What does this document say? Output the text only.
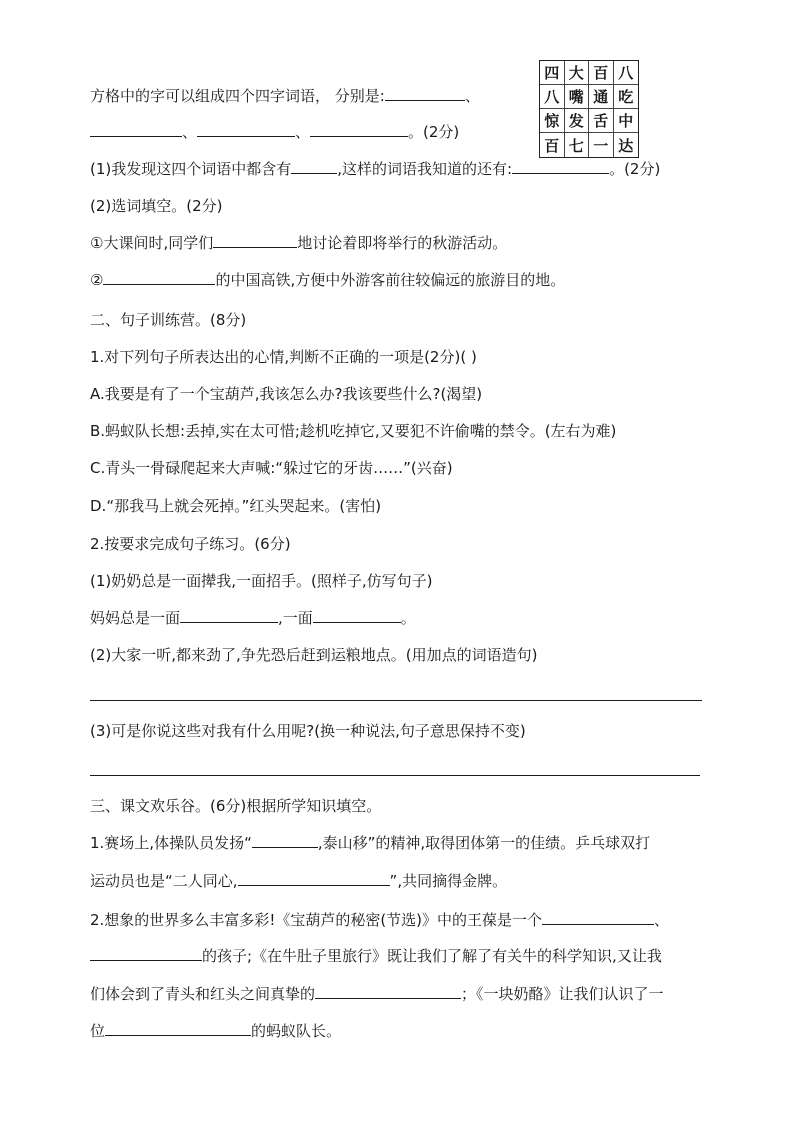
四 大 百 八
八 嘴 通 吃
惊 发 舌 中
百 七 一 达
方格中的字可以组成四个四字词语， 分别是:	、
、	、	。(2分)
(1)我发现这四个词语中都含有	,这样的词语我知道的还有:	。(2分)
(2)选词填空。(2分)
①大课间时,同学们	地讨论着即将举行的秋游活动。
②	的中国高铁,方便中外游客前往较偏远的旅游目的地。
二、句子训练营。(8分)
1.对下列句子所表达出的心情,判断不正确的一项是(2分)( )
A.我要是有了一个宝葫芦,我该怎么办?我该要些什么?(渴望)
B.蚂蚁队长想:丢掉,实在太可惜;趁机吃掉它,又要犯不许偷嘴的禁令。(左右为难)
C.青头一骨碌爬起来大声喊:“躲过它的牙齿……”(兴奋)
D.“那我马上就会死掉。”红头哭起来。(害怕)
2.按要求完成句子练习。(6分)
(1)奶奶总是一面撵我,一面招手。(照样子,仿写句子)
妈妈总是一面	,一面	。
(2)大家一听,都来劲了,争先恐后赶到运粮地点。(用加点的词语造句)
(3)可是你说这些对我有什么用呢?(换一种说法,句子意思保持不变)
三、课文欢乐谷。(6分)根据所学知识填空。
1.赛场上,体操队员发扬“	,泰山移”的精神,取得团体第一的佳绩。乒乓球双打
运动员也是“二人同心,	”,共同摘得金牌。
2.想象的世界多么丰富多彩!《宝葫芦的秘密(节选)》中的王葆是一个	、
的孩子;《在牛肚子里旅行》既让我们了解了有关牛的科学知识,又让我
们体会到了青头和红头之间真挚的	；《一块奶酪》让我们认识了一
位	的蚂蚁队长。
